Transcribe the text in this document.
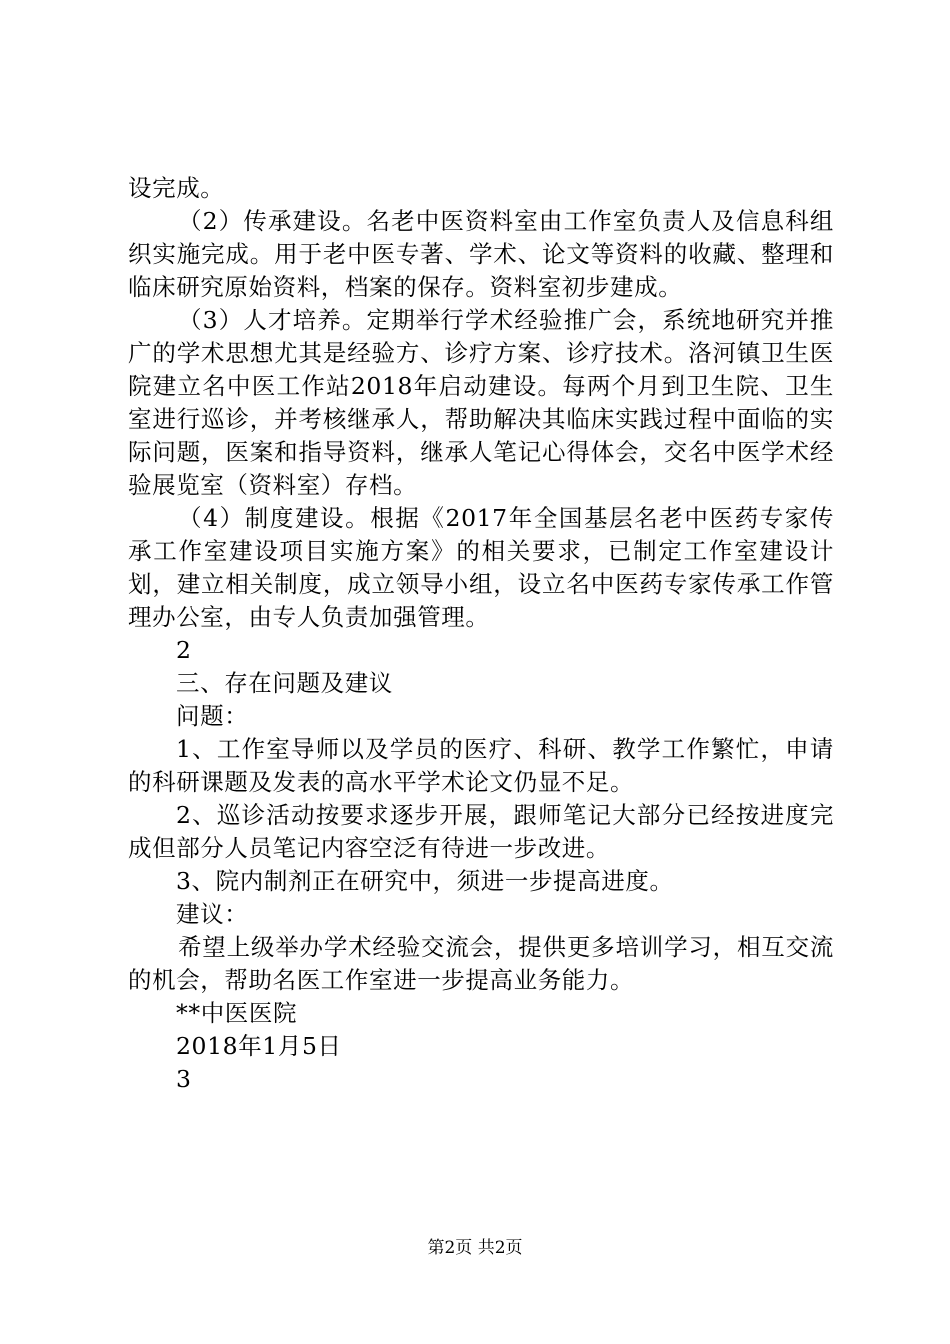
设完成。

（2）传承建设。名老中医资料室由工作室负责人及信息科组织实施完成。用于老中医专著、学术、论文等资料的收藏、整理和临床研究原始资料，档案的保存。资料室初步建成。

（3）人才培养。定期举行学术经验推广会，系统地研究并推广的学术思想尤其是经验方、诊疗方案、诊疗技术。洛河镇卫生医院建立名中医工作站2018年启动建设。每两个月到卫生院、卫生室进行巡诊，并考核继承人，帮助解决其临床实践过程中面临的实际问题，医案和指导资料，继承人笔记心得体会，交名中医学术经验展览室（资料室）存档。

（4）制度建设。根据《2017年全国基层名老中医药专家传承工作室建设项目实施方案》的相关要求，已制定工作室建设计划，建立相关制度，成立领导小组，设立名中医药专家传承工作管理办公室，由专人负责加强管理。

2

三、存在问题及建议

问题：

1、工作室导师以及学员的医疗、科研、教学工作繁忙，申请的科研课题及发表的高水平学术论文仍显不足。

2、巡诊活动按要求逐步开展，跟师笔记大部分已经按进度完成但部分人员笔记内容空泛有待进一步改进。

3、院内制剂正在研究中，须进一步提高进度。

建议：

希望上级举办学术经验交流会，提供更多培训学习，相互交流的机会，帮助名医工作室进一步提高业务能力。

**中医医院

2018年1月5日

3

第2页 共2页
